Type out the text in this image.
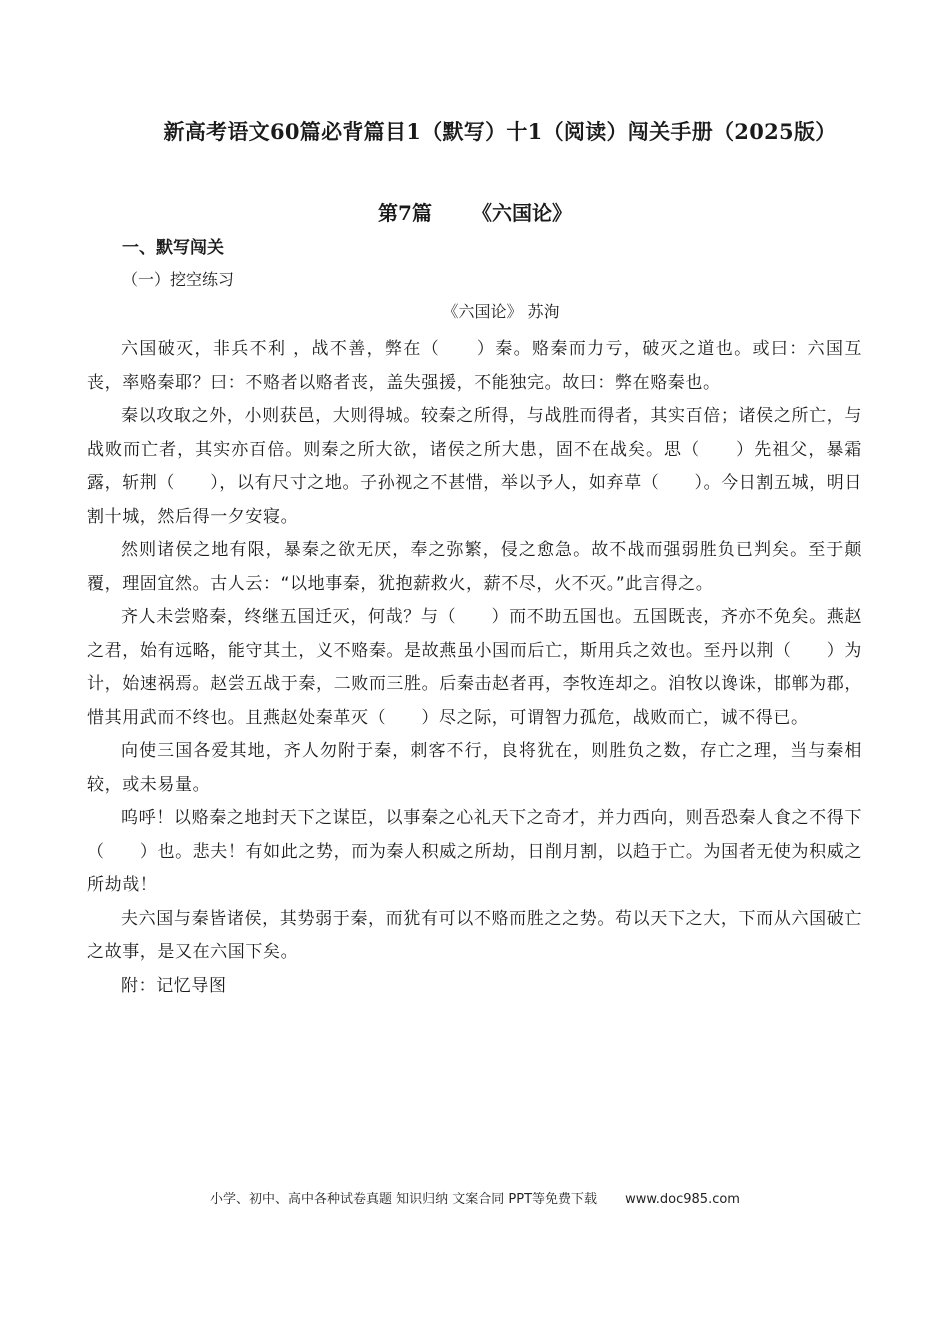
新高考语文60篇必背篇目1（默写）十1（阅读）闯关手册（2025版）
第7篇 《六国论》
一、默写闯关
（一）挖空练习
《六国论》 苏洵

六国破灭，非兵不利 ，战不善，弊在（　　）秦。赂秦而力亏，破灭之道也。或曰：六国互丧，率赂秦耶？曰：不赂者以赂者丧，盖失强援，不能独完。故曰：弊在赂秦也。

秦以攻取之外，小则获邑，大则得城。较秦之所得，与战胜而得者，其实百倍；诸侯之所亡，与战败而亡者，其实亦百倍。则秦之所大欲，诸侯之所大患，固不在战矣。思（　　）先祖父，暴霜露，斩荆（　　），以有尺寸之地。子孙视之不甚惜，举以予人，如弃草（　　）。今日割五城，明日割十城，然后得一夕安寝。

然则诸侯之地有限，暴秦之欲无厌，奉之弥繁，侵之愈急。故不战而强弱胜负已判矣。至于颠覆，理固宜然。古人云：“以地事秦，犹抱薪救火，薪不尽，火不灭。”此言得之。

齐人未尝赂秦，终继五国迁灭，何哉？与（　　）而不助五国也。五国既丧，齐亦不免矣。燕赵之君，始有远略，能守其土，义不赂秦。是故燕虽小国而后亡，斯用兵之效也。至丹以荆（　　）为计，始速祸焉。赵尝五战于秦，二败而三胜。后秦击赵者再，李牧连却之。洎牧以谗诛，邯郸为郡，惜其用武而不终也。且燕赵处秦革灭（　　）尽之际，可谓智力孤危，战败而亡，诚不得已。

向使三国各爱其地，齐人勿附于秦，刺客不行，良将犹在，则胜负之数，存亡之理，当与秦相较，或未易量。

呜呼！以赂秦之地封天下之谋臣，以事秦之心礼天下之奇才，并力西向，则吾恐秦人食之不得下（　　）也。悲夫！有如此之势，而为秦人积威之所劫，日削月割，以趋于亡。为国者无使为积威之所劫哉！

夫六国与秦皆诸侯，其势弱于秦，而犹有可以不赂而胜之之势。苟以天下之大，下而从六国破亡之故事，是又在六国下矣。

附：记忆导图

小学、初中、高中各种试卷真题 知识归纳 文案合同 PPT等免费下载 www.doc985.com
